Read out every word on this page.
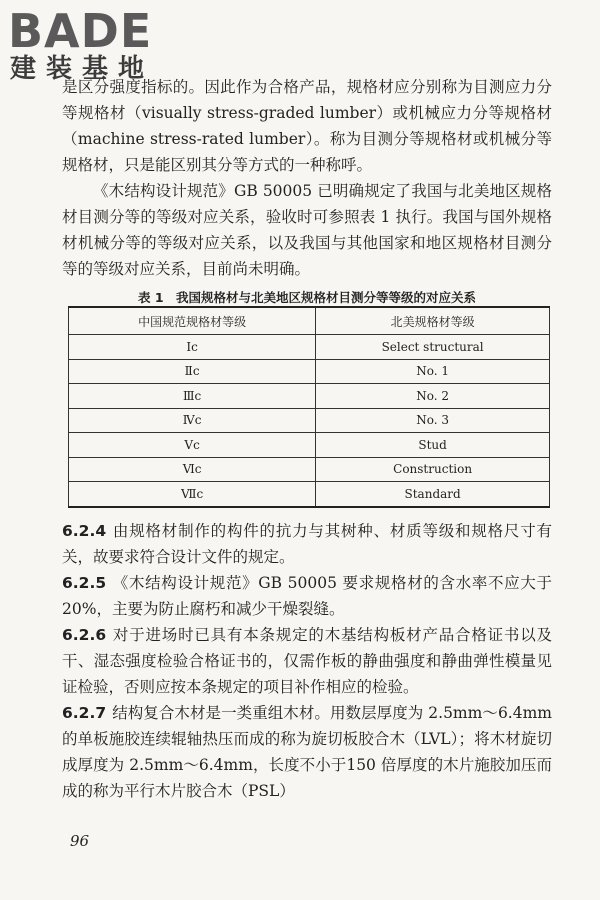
BADE
建装基地

是区分强度指标的。因此作为合格产品，规格材应分别称为目测应力分等规格材（visually stress-graded lumber）或机械应力分等规格材（machine stress-rated lumber）。称为目测分等规格材或机械分等规格材，只是能区别其分等方式的一种称呼。

《木结构设计规范》GB 50005 已明确规定了我国与北美地区规格材目测分等的等级对应关系，验收时可参照表 1 执行。我国与国外规格材机械分等的等级对应关系，以及我国与其他国家和地区规格材目测分等的等级对应关系，目前尚未明确。

表 1　我国规格材与北美地区规格材目测分等等级的对应关系
中国规范规格材等级	北美规格材等级
Ⅰc	Select structural
Ⅱc	No. 1
Ⅲc	No. 2
Ⅳc	No. 3
Ⅴc	Stud
Ⅵc	Construction
Ⅶc	Standard

6.2.4 由规格材制作的构件的抗力与其树种、材质等级和规格尺寸有关，故要求符合设计文件的规定。

6.2.5 《木结构设计规范》GB 50005 要求规格材的含水率不应大于 20%，主要为防止腐朽和减少干燥裂缝。

6.2.6 对于进场时已具有本条规定的木基结构板材产品合格证书以及干、湿态强度检验合格证书的，仅需作板的静曲强度和静曲弹性模量见证检验，否则应按本条规定的项目补作相应的检验。

6.2.7 结构复合木材是一类重组木材。用数层厚度为 2.5mm～6.4mm 的单板施胶连续辊轴热压而成的称为旋切板胶合木（LVL）；将木材旋切成厚度为 2.5mm～6.4mm，长度不小于150 倍厚度的木片施胶加压而成的称为平行木片胶合木（PSL）

96
